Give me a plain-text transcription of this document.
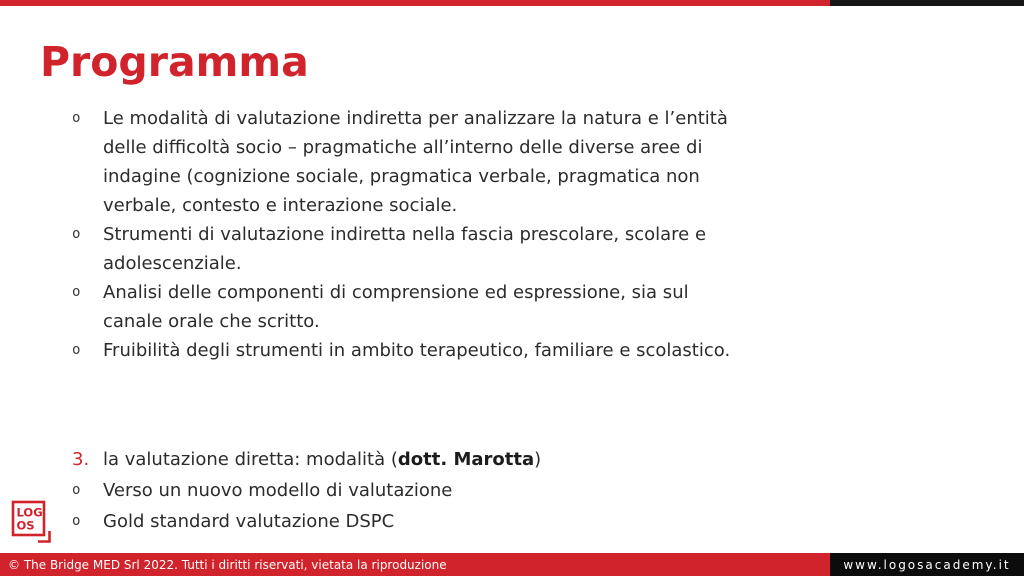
Programma
o	Le modalità di valutazione indiretta per analizzare la natura e l’entità
delle difficoltà socio – pragmatiche all’interno delle diverse aree di
indagine (cognizione sociale, pragmatica verbale, pragmatica non
verbale, contesto e interazione sociale.
o	Strumenti di valutazione indiretta nella fascia prescolare, scolare e
adolescenziale.
o	Analisi delle componenti di comprensione ed espressione, sia sul
canale orale che scritto.
o	Fruibilità degli strumenti in ambito terapeutico, familiare e scolastico.
3. la valutazione diretta: modalità (dott. Marotta)
o	Verso un nuovo modello di valutazione
o	Gold standard valutazione DSPC
LOG
OS
© The Bridge MED Srl 2022. Tutti i diritti riservati, vietata la riproduzione	www.logosacademy.it
